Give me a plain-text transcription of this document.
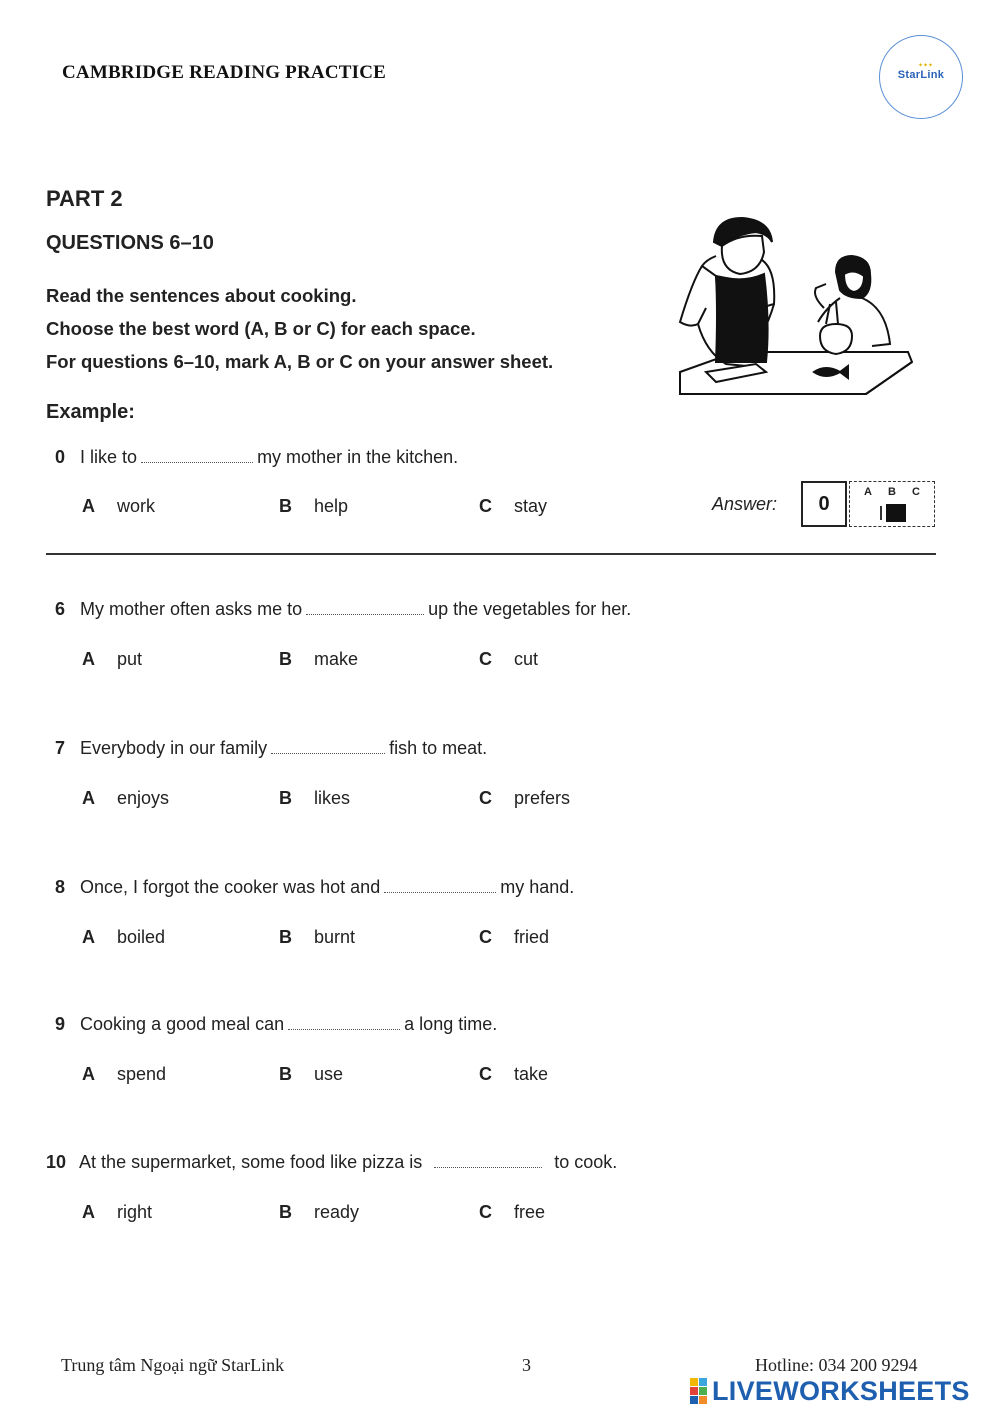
CAMBRIDGE READING PRACTICE	✦✦✦
StarLink
PART 2
QUESTIONS 6–10
Read the sentences about cooking.
Choose the best word (A, B or C) for each space.
For questions 6–10, mark A, B or C on your answer sheet.
Example:
0 I like to	my mother in the kitchen.
A work	B help	C stay	Answer:	0
A B C
6 My mother often asks me to	up the vegetables for her.
A put	B make	C cut
7 Everybody in our family	fish to meat.
A enjoys	B likes	C prefers
8 Once, I forgot the cooker was hot and	my hand.
A boiled	B burnt	C fried
9 Cooking a good meal can	a long time.
A spend	B use	C take
10 At the supermarket, some food like pizza is	to cook.
A right	B ready	C free
Trung tâm Ngoại ngữ StarLink	3	Hotline: 034 200 9294
LIVEWORKSHEETS
